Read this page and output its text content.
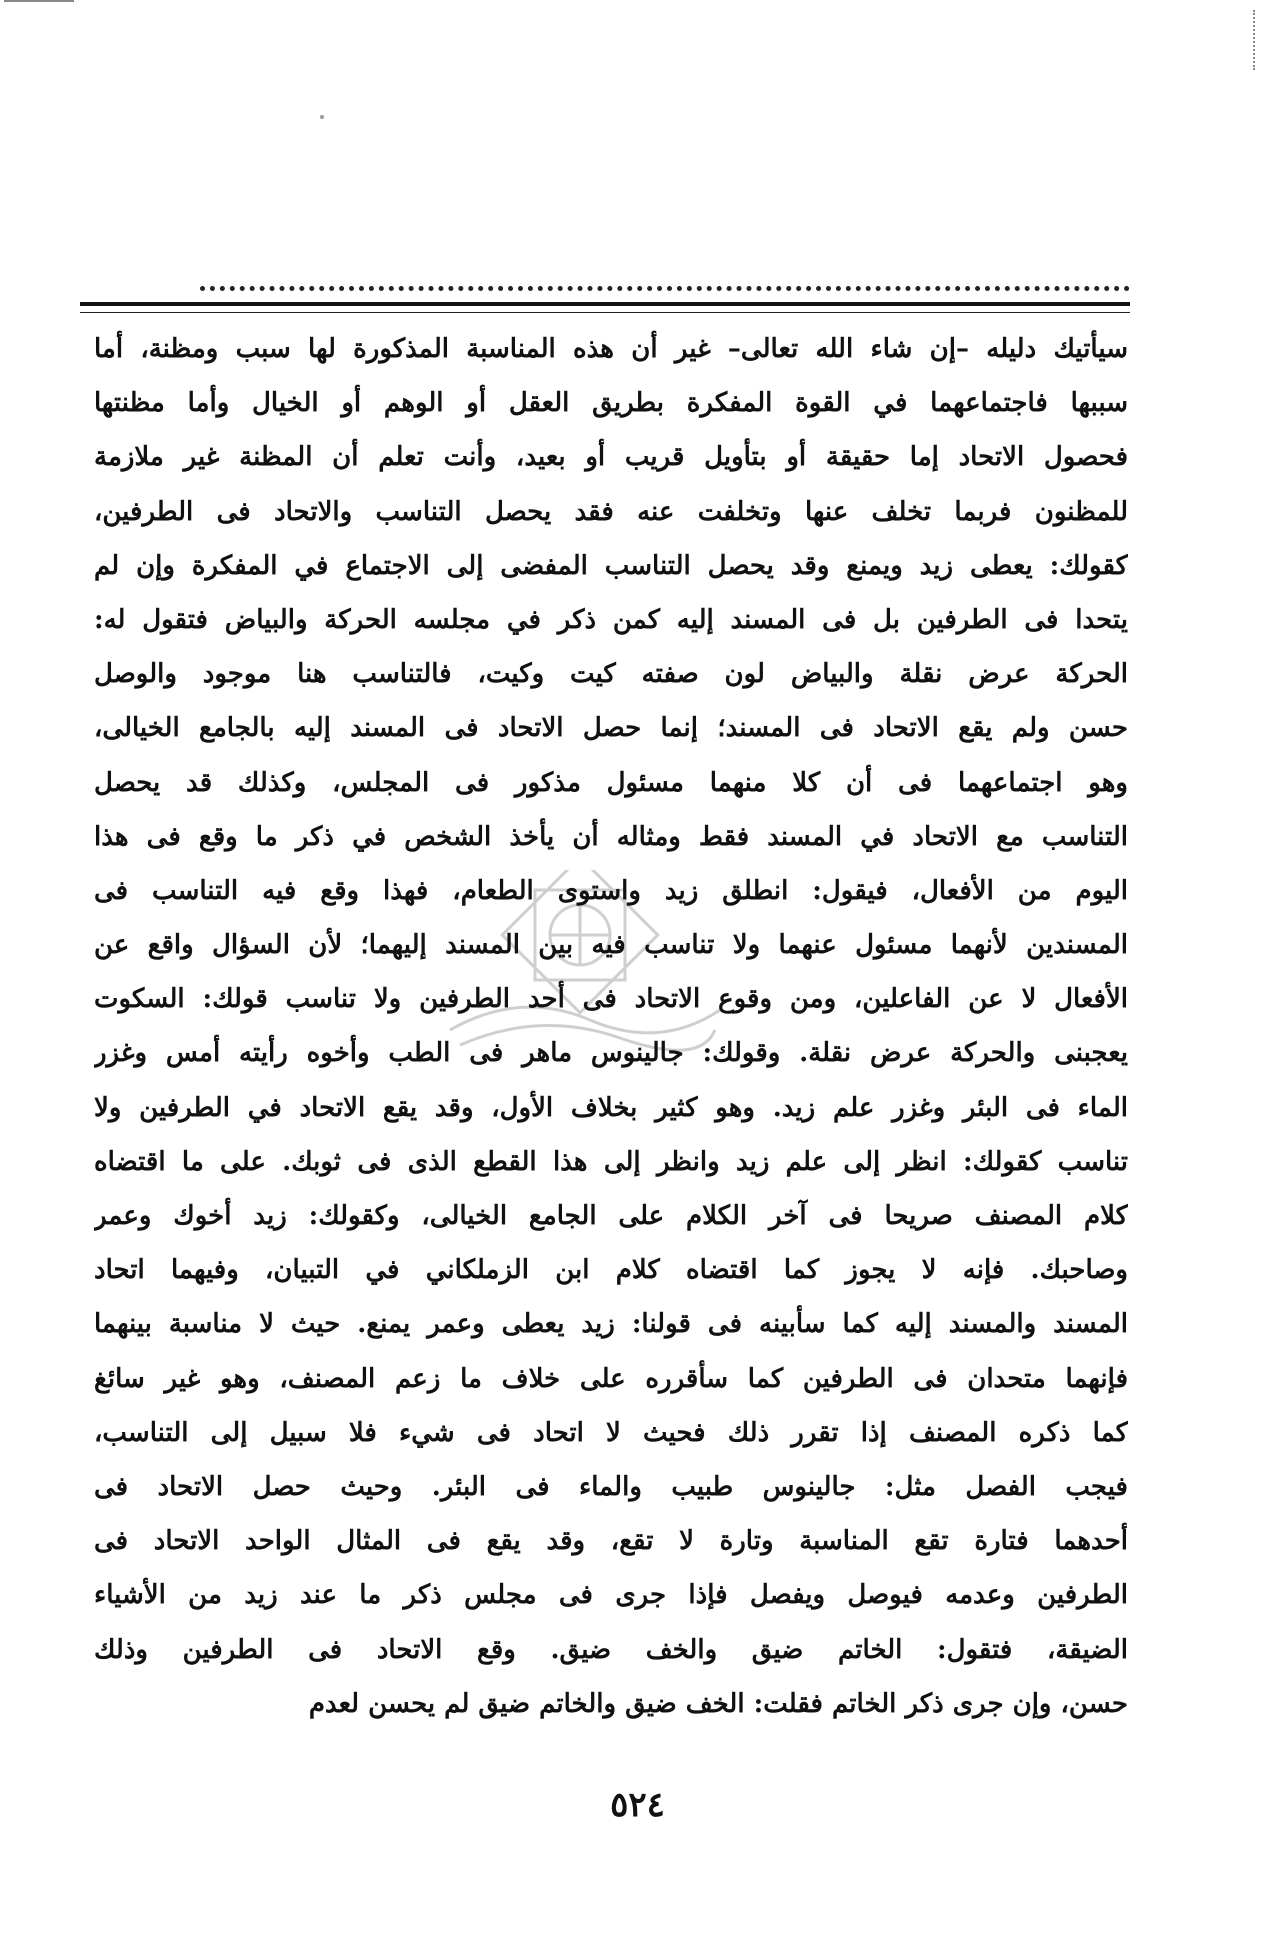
سيأتيك دليله –إن شاء الله تعالى– غير أن هذه المناسبة المذكورة لها سبب ومظنة، أما
سببها فاجتماعهما في القوة المفكرة بطريق العقل أو الوهم أو الخيال وأما مظنتها
فحصول الاتحاد إما حقيقة أو بتأويل قريب أو بعيد، وأنت تعلم أن المظنة غير ملازمة
للمظنون فربما تخلف عنها وتخلفت عنه فقد يحصل التناسب والاتحاد فى الطرفين،
كقولك: يعطى زيد ويمنع وقد يحصل التناسب المفضى إلى الاجتماع في المفكرة وإن لم
يتحدا فى الطرفين بل فى المسند إليه كمن ذكر في مجلسه الحركة والبياض فتقول له:
الحركة عرض نقلة والبياض لون صفته كيت وكيت، فالتناسب هنا موجود والوصل
حسن ولم يقع الاتحاد فى المسند؛ إنما حصل الاتحاد فى المسند إليه بالجامع الخيالى،
وهو اجتماعهما فى أن كلا منهما مسئول مذكور فى المجلس، وكذلك قد يحصل
التناسب مع الاتحاد في المسند فقط ومثاله أن يأخذ الشخص في ذكر ما وقع فى هذا
اليوم من الأفعال، فيقول: انطلق زيد واستوى الطعام، فهذا وقع فيه التناسب فى
المسندين لأنهما مسئول عنهما ولا تناسب فيه بين المسند إليهما؛ لأن السؤال واقع عن
الأفعال لا عن الفاعلين، ومن وقوع الاتحاد فى أحد الطرفين ولا تناسب قولك: السكوت
يعجبنى والحركة عرض نقلة. وقولك: جالينوس ماهر فى الطب وأخوه رأيته أمس وغزر
الماء فى البئر وغزر علم زيد. وهو كثير بخلاف الأول، وقد يقع الاتحاد في الطرفين ولا
تناسب كقولك: انظر إلى علم زيد وانظر إلى هذا القطع الذى فى ثوبك. على ما اقتضاه
كلام المصنف صريحا فى آخر الكلام على الجامع الخيالى، وكقولك: زيد أخوك وعمر
وصاحبك. فإنه لا يجوز كما اقتضاه كلام ابن الزملكاني في التبيان، وفيهما اتحاد
المسند والمسند إليه كما سأبينه فى قولنا: زيد يعطى وعمر يمنع. حيث لا مناسبة بينهما
فإنهما متحدان فى الطرفين كما سأقرره على خلاف ما زعم المصنف، وهو غير سائغ
كما ذكره المصنف إذا تقرر ذلك فحيث لا اتحاد فى شيء فلا سبيل إلى التناسب،
فيجب الفصل مثل: جالينوس طبيب والماء فى البئر. وحيث حصل الاتحاد فى
أحدهما فتارة تقع المناسبة وتارة لا تقع، وقد يقع فى المثال الواحد الاتحاد فى
الطرفين وعدمه فيوصل ويفصل فإذا جرى فى مجلس ذكر ما عند زيد من الأشياء
الضيقة، فتقول: الخاتم ضيق والخف ضيق. وقع الاتحاد فى الطرفين وذلك
حسن، وإن جرى ذكر الخاتم فقلت: الخف ضيق والخاتم ضيق لم يحسن لعدم
٥٢٤
